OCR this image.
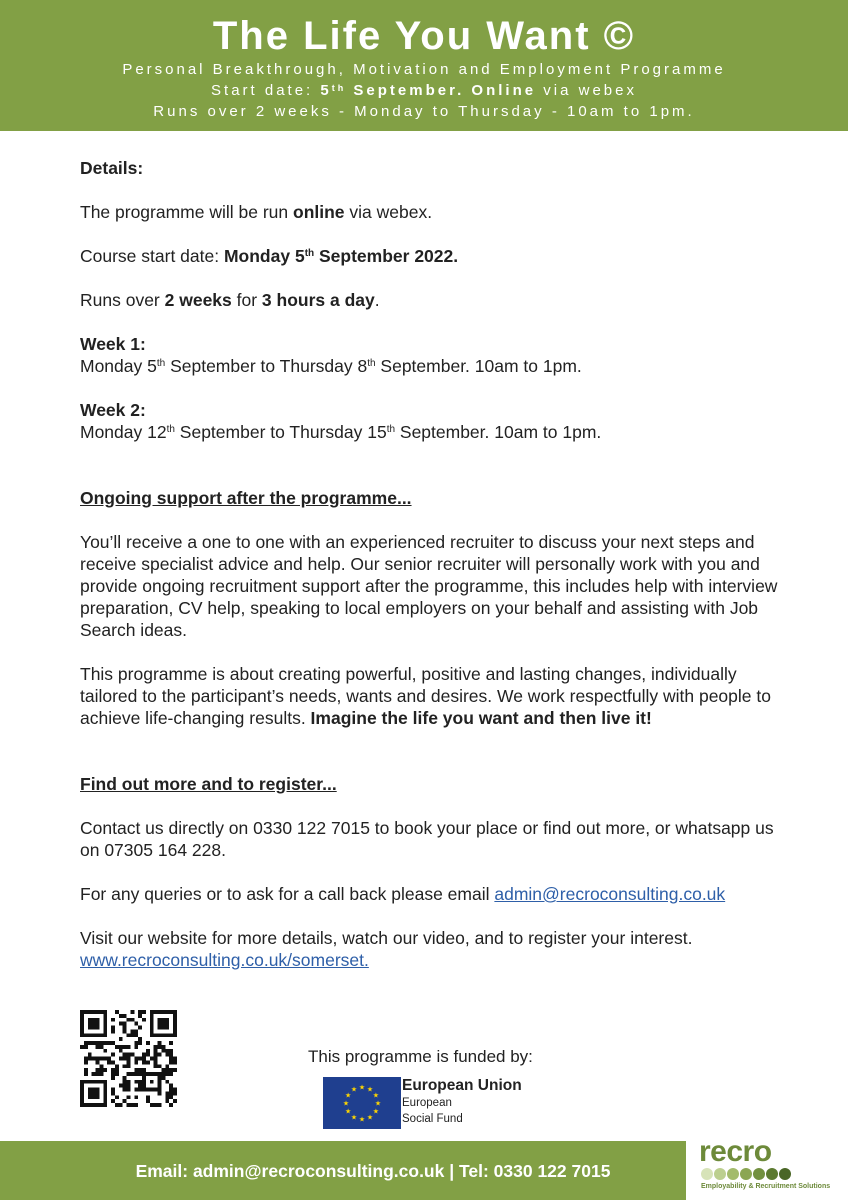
The Life You Want ©
Personal Breakthrough, Motivation and Employment Programme
Start date: 5th September. Online via webex
Runs over 2 weeks - Monday to Thursday - 10am to 1pm.

Details:

The programme will be run online via webex.

Course start date: Monday 5th September 2022.

Runs over 2 weeks for 3 hours a day.

Week 1:

Monday 5th September to Thursday 8th September. 10am to 1pm.

Week 2:

Monday 12th September to Thursday 15th September. 10am to 1pm.

Ongoing support after the programme...

You’ll receive a one to one with an experienced recruiter to discuss your next steps and receive specialist advice and help. Our senior recruiter will personally work with you and provide ongoing recruitment support after the programme, this includes help with interview preparation, CV help, speaking to local employers on your behalf and assisting with Job Search ideas.

This programme is about creating powerful, positive and lasting changes, individually tailored to the participant’s needs, wants and desires. We work respectfully with people to achieve life-changing results. Imagine the life you want and then live it!

Find out more and to register...

Contact us directly on 0330 122 7015 to book your place or find out more, or whatsapp us on 07305 164 228.

For any queries or to ask for a call back please email admin@recroconsulting.co.uk

Visit our website for more details, watch our video, and to register your interest.

www.recroconsulting.co.uk/somerset.

This programme is funded by:
★ ★
★
★
★
★
★
★
★
★
★
★	European Union
European
Social Fund
Email: admin@recroconsulting.co.uk | Tel: 0330 122 7015
recro
Employability & Recruitment Solutions
